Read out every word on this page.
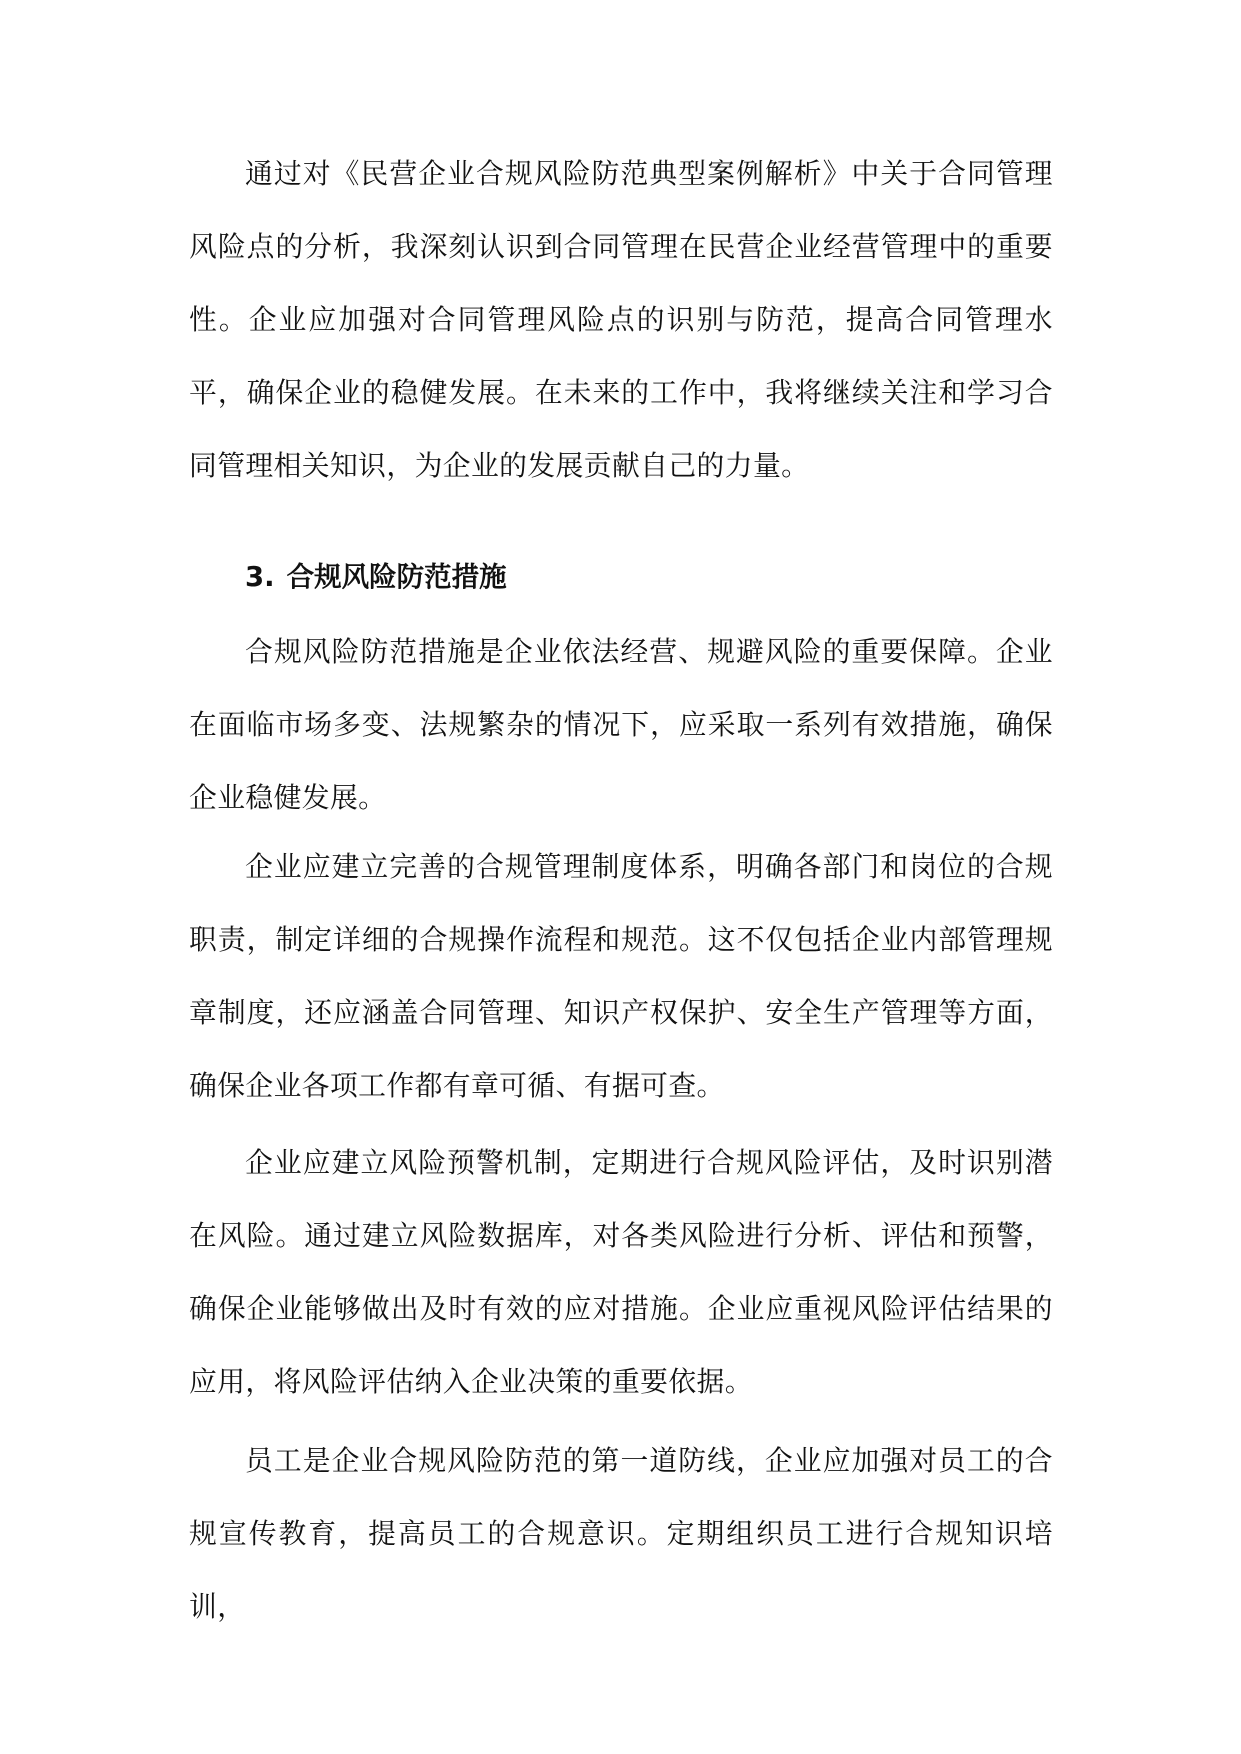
通过对《民营企业合规风险防范典型案例解析》中关于合同管理风险点的分析，我深刻认识到合同管理在民营企业经营管理中的重要性。企业应加强对合同管理风险点的识别与防范，提高合同管理水平，确保企业的稳健发展。在未来的工作中，我将继续关注和学习合同管理相关知识，为企业的发展贡献自己的力量。

3. 合规风险防范措施

合规风险防范措施是企业依法经营、规避风险的重要保障。企业在面临市场多变、法规繁杂的情况下，应采取一系列有效措施，确保企业稳健发展。

企业应建立完善的合规管理制度体系，明确各部门和岗位的合规职责，制定详细的合规操作流程和规范。这不仅包括企业内部管理规章制度，还应涵盖合同管理、知识产权保护、安全生产管理等方面，确保企业各项工作都有章可循、有据可查。

企业应建立风险预警机制，定期进行合规风险评估，及时识别潜在风险。通过建立风险数据库，对各类风险进行分析、评估和预警，确保企业能够做出及时有效的应对措施。企业应重视风险评估结果的应用，将风险评估纳入企业决策的重要依据。

员工是企业合规风险防范的第一道防线，企业应加强对员工的合规宣传教育，提高员工的合规意识。定期组织员工进行合规知识培训，
